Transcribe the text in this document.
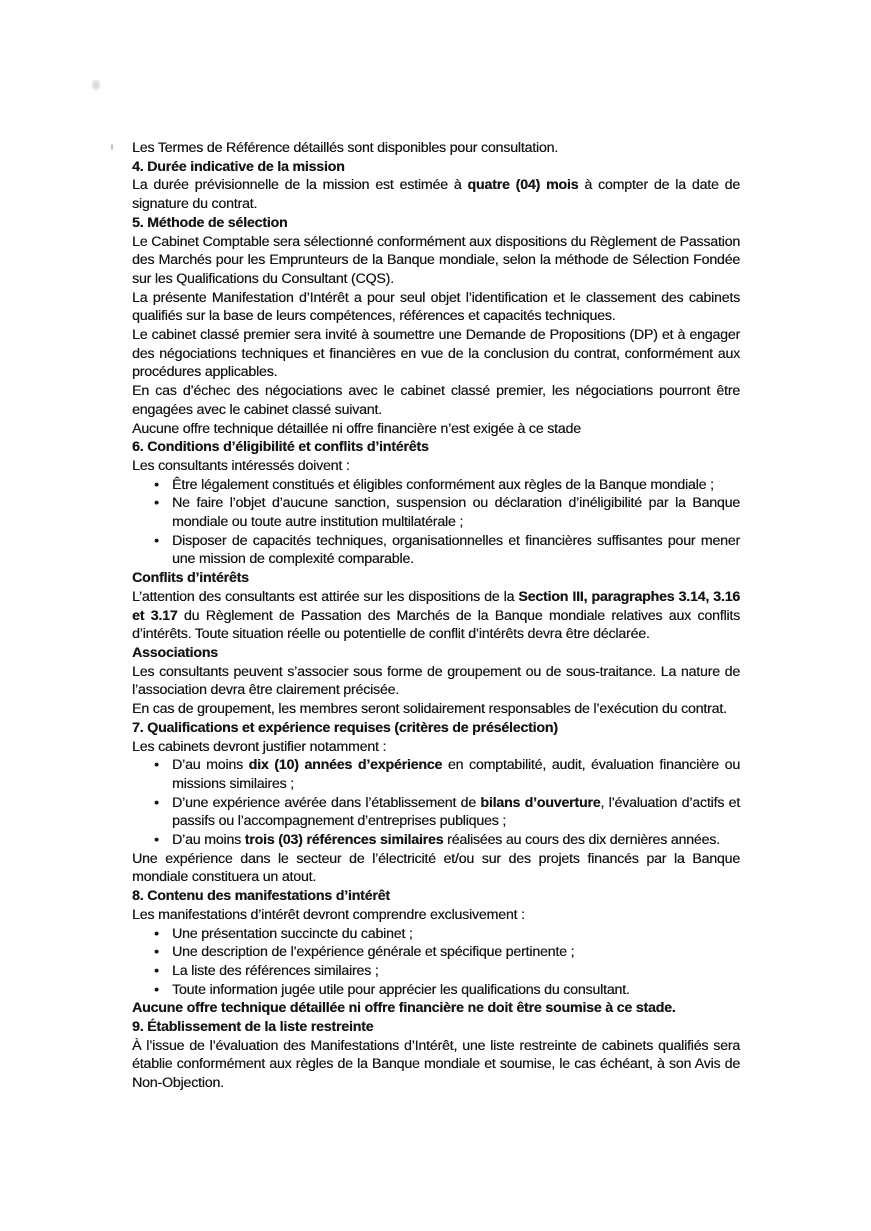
Les Termes de Référence détaillés sont disponibles pour consultation.

4. Durée indicative de la mission

La durée prévisionnelle de la mission est estimée à quatre (04) mois à compter de la date de signature du contrat.

5. Méthode de sélection

Le Cabinet Comptable sera sélectionné conformément aux dispositions du Règlement de Passation des Marchés pour les Emprunteurs de la Banque mondiale, selon la méthode de Sélection Fondée sur les Qualifications du Consultant (CQS).

La présente Manifestation d’Intérêt a pour seul objet l’identification et le classement des cabinets qualifiés sur la base de leurs compétences, références et capacités techniques.

Le cabinet classé premier sera invité à soumettre une Demande de Propositions (DP) et à engager des négociations techniques et financières en vue de la conclusion du contrat, conformément aux procédures applicables.

En cas d’échec des négociations avec le cabinet classé premier, les négociations pourront être engagées avec le cabinet classé suivant.

Aucune offre technique détaillée ni offre financière n’est exigée à ce stade

6. Conditions d’éligibilité et conflits d’intérêts

Les consultants intéressés doivent :

• Être légalement constitués et éligibles conformément aux règles de la Banque mondiale ;
• Ne faire l’objet d’aucune sanction, suspension ou déclaration d’inéligibilité par la Banque mondiale ou toute autre institution multilatérale ;
• Disposer de capacités techniques, organisationnelles et financières suffisantes pour mener une mission de complexité comparable.

Conflits d’intérêts

L’attention des consultants est attirée sur les dispositions de la Section III, paragraphes 3.14, 3.16 et 3.17 du Règlement de Passation des Marchés de la Banque mondiale relatives aux conflits d’intérêts. Toute situation réelle ou potentielle de conflit d’intérêts devra être déclarée.

Associations

Les consultants peuvent s’associer sous forme de groupement ou de sous-traitance. La nature de l’association devra être clairement précisée.

En cas de groupement, les membres seront solidairement responsables de l’exécution du contrat.

7. Qualifications et expérience requises (critères de présélection)

Les cabinets devront justifier notamment :

• D’au moins dix (10) années d’expérience en comptabilité, audit, évaluation financière ou missions similaires ;
• D’une expérience avérée dans l’établissement de bilans d’ouverture, l’évaluation d’actifs et passifs ou l’accompagnement d’entreprises publiques ;
• D’au moins trois (03) références similaires réalisées au cours des dix dernières années.

Une expérience dans le secteur de l’électricité et/ou sur des projets financés par la Banque mondiale constituera un atout.

8. Contenu des manifestations d’intérêt

Les manifestations d’intérêt devront comprendre exclusivement :

• Une présentation succincte du cabinet ;
• Une description de l’expérience générale et spécifique pertinente ;
• La liste des références similaires ;
• Toute information jugée utile pour apprécier les qualifications du consultant.

Aucune offre technique détaillée ni offre financière ne doit être soumise à ce stade.

9. Établissement de la liste restreinte

À l’issue de l’évaluation des Manifestations d’Intérêt, une liste restreinte de cabinets qualifiés sera établie conformément aux règles de la Banque mondiale et soumise, le cas échéant, à son Avis de Non-Objection.
